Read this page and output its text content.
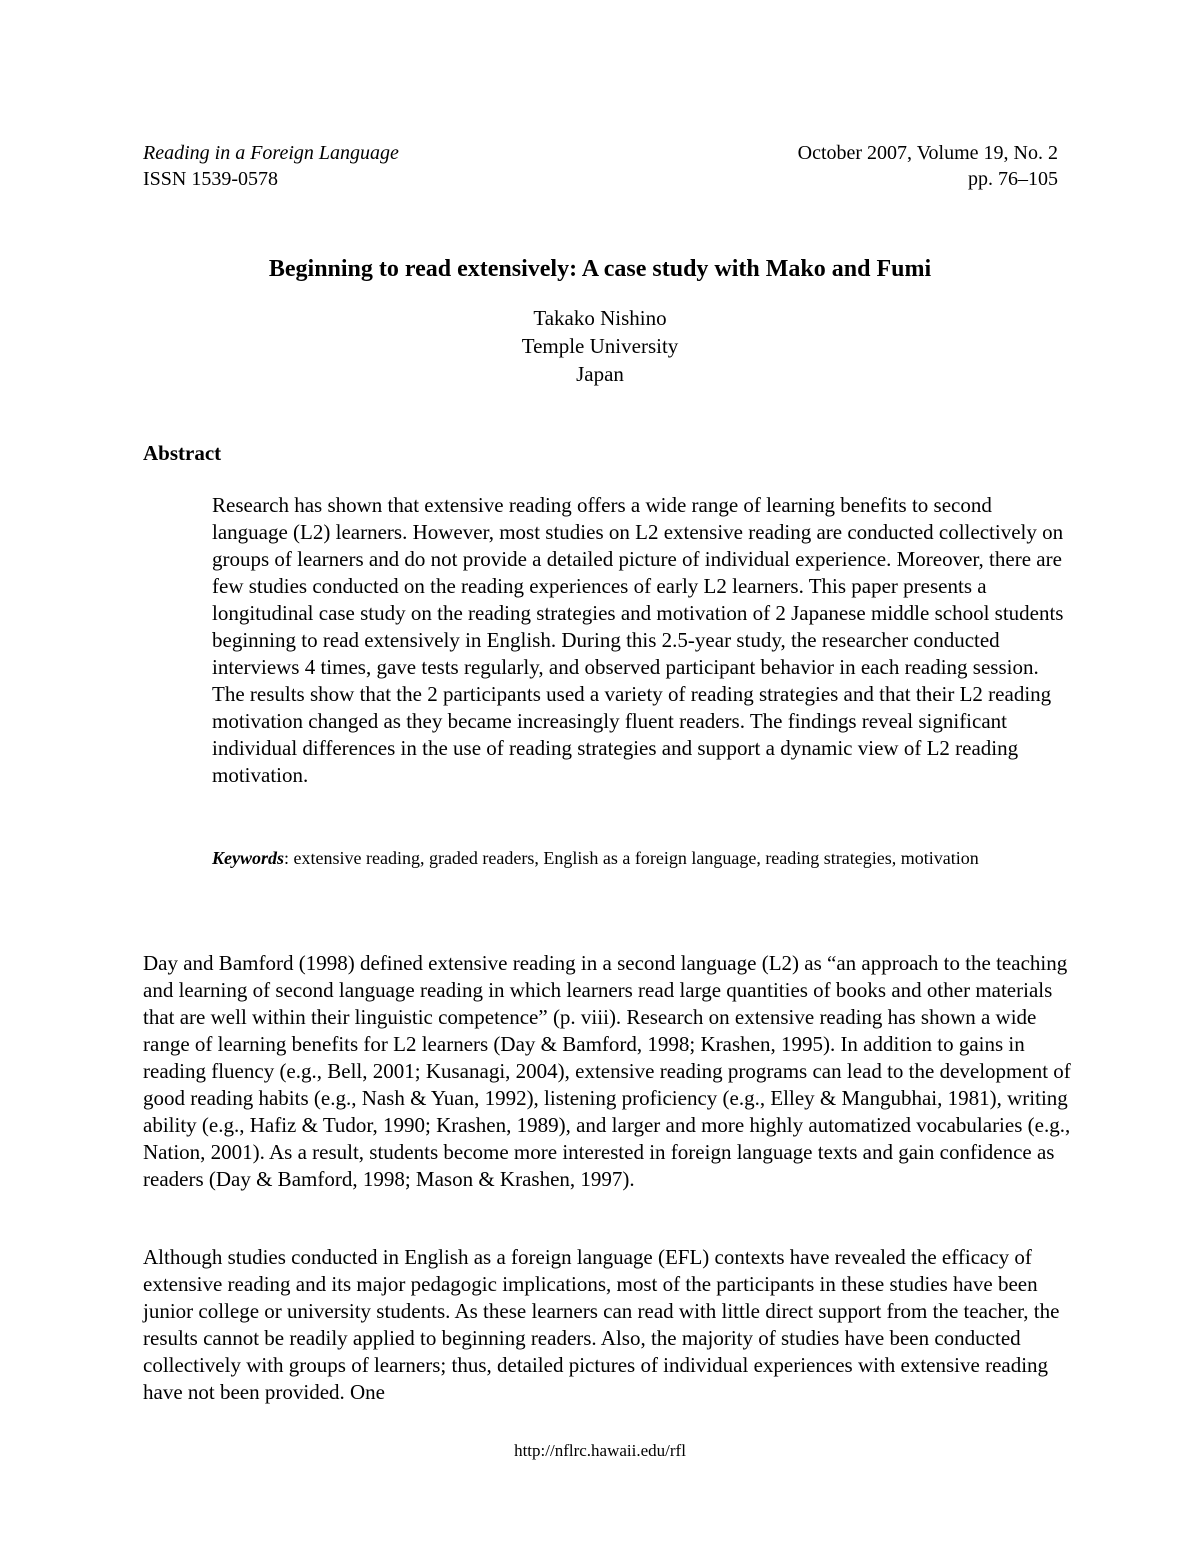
Reading in a Foreign Language	October 2007, Volume 19, No. 2
ISSN 1539-0578	pp. 76–105
Beginning to read extensively: A case study with Mako and Fumi
Takako Nishino
Temple University
Japan
Abstract
Research has shown that extensive reading offers a wide range of learning benefits to second language (L2) learners. However, most studies on L2 extensive reading are conducted collectively on groups of learners and do not provide a detailed picture of individual experience. Moreover, there are few studies conducted on the reading experiences of early L2 learners. This paper presents a longitudinal case study on the reading strategies and motivation of 2 Japanese middle school students beginning to read extensively in English. During this 2.5-year study, the researcher conducted interviews 4 times, gave tests regularly, and observed participant behavior in each reading session. The results show that the 2 participants used a variety of reading strategies and that their L2 reading motivation changed as they became increasingly fluent readers. The findings reveal significant individual differences in the use of reading strategies and support a dynamic view of L2 reading motivation.
Keywords: extensive reading, graded readers, English as a foreign language, reading strategies, motivation
Day and Bamford (1998) defined extensive reading in a second language (L2) as “an approach to the teaching and learning of second language reading in which learners read large quantities of books and other materials that are well within their linguistic competence” (p. viii). Research on extensive reading has shown a wide range of learning benefits for L2 learners (Day & Bamford, 1998; Krashen, 1995). In addition to gains in reading fluency (e.g., Bell, 2001; Kusanagi, 2004), extensive reading programs can lead to the development of good reading habits (e.g., Nash & Yuan, 1992), listening proficiency (e.g., Elley & Mangubhai, 1981), writing ability (e.g., Hafiz & Tudor, 1990; Krashen, 1989), and larger and more highly automatized vocabularies (e.g., Nation, 2001). As a result, students become more interested in foreign language texts and gain confidence as readers (Day & Bamford, 1998; Mason & Krashen, 1997).
Although studies conducted in English as a foreign language (EFL) contexts have revealed the efficacy of extensive reading and its major pedagogic implications, most of the participants in these studies have been junior college or university students. As these learners can read with little direct support from the teacher, the results cannot be readily applied to beginning readers. Also, the majority of studies have been conducted collectively with groups of learners; thus, detailed pictures of individual experiences with extensive reading have not been provided. One
http://nflrc.hawaii.edu/rfl
